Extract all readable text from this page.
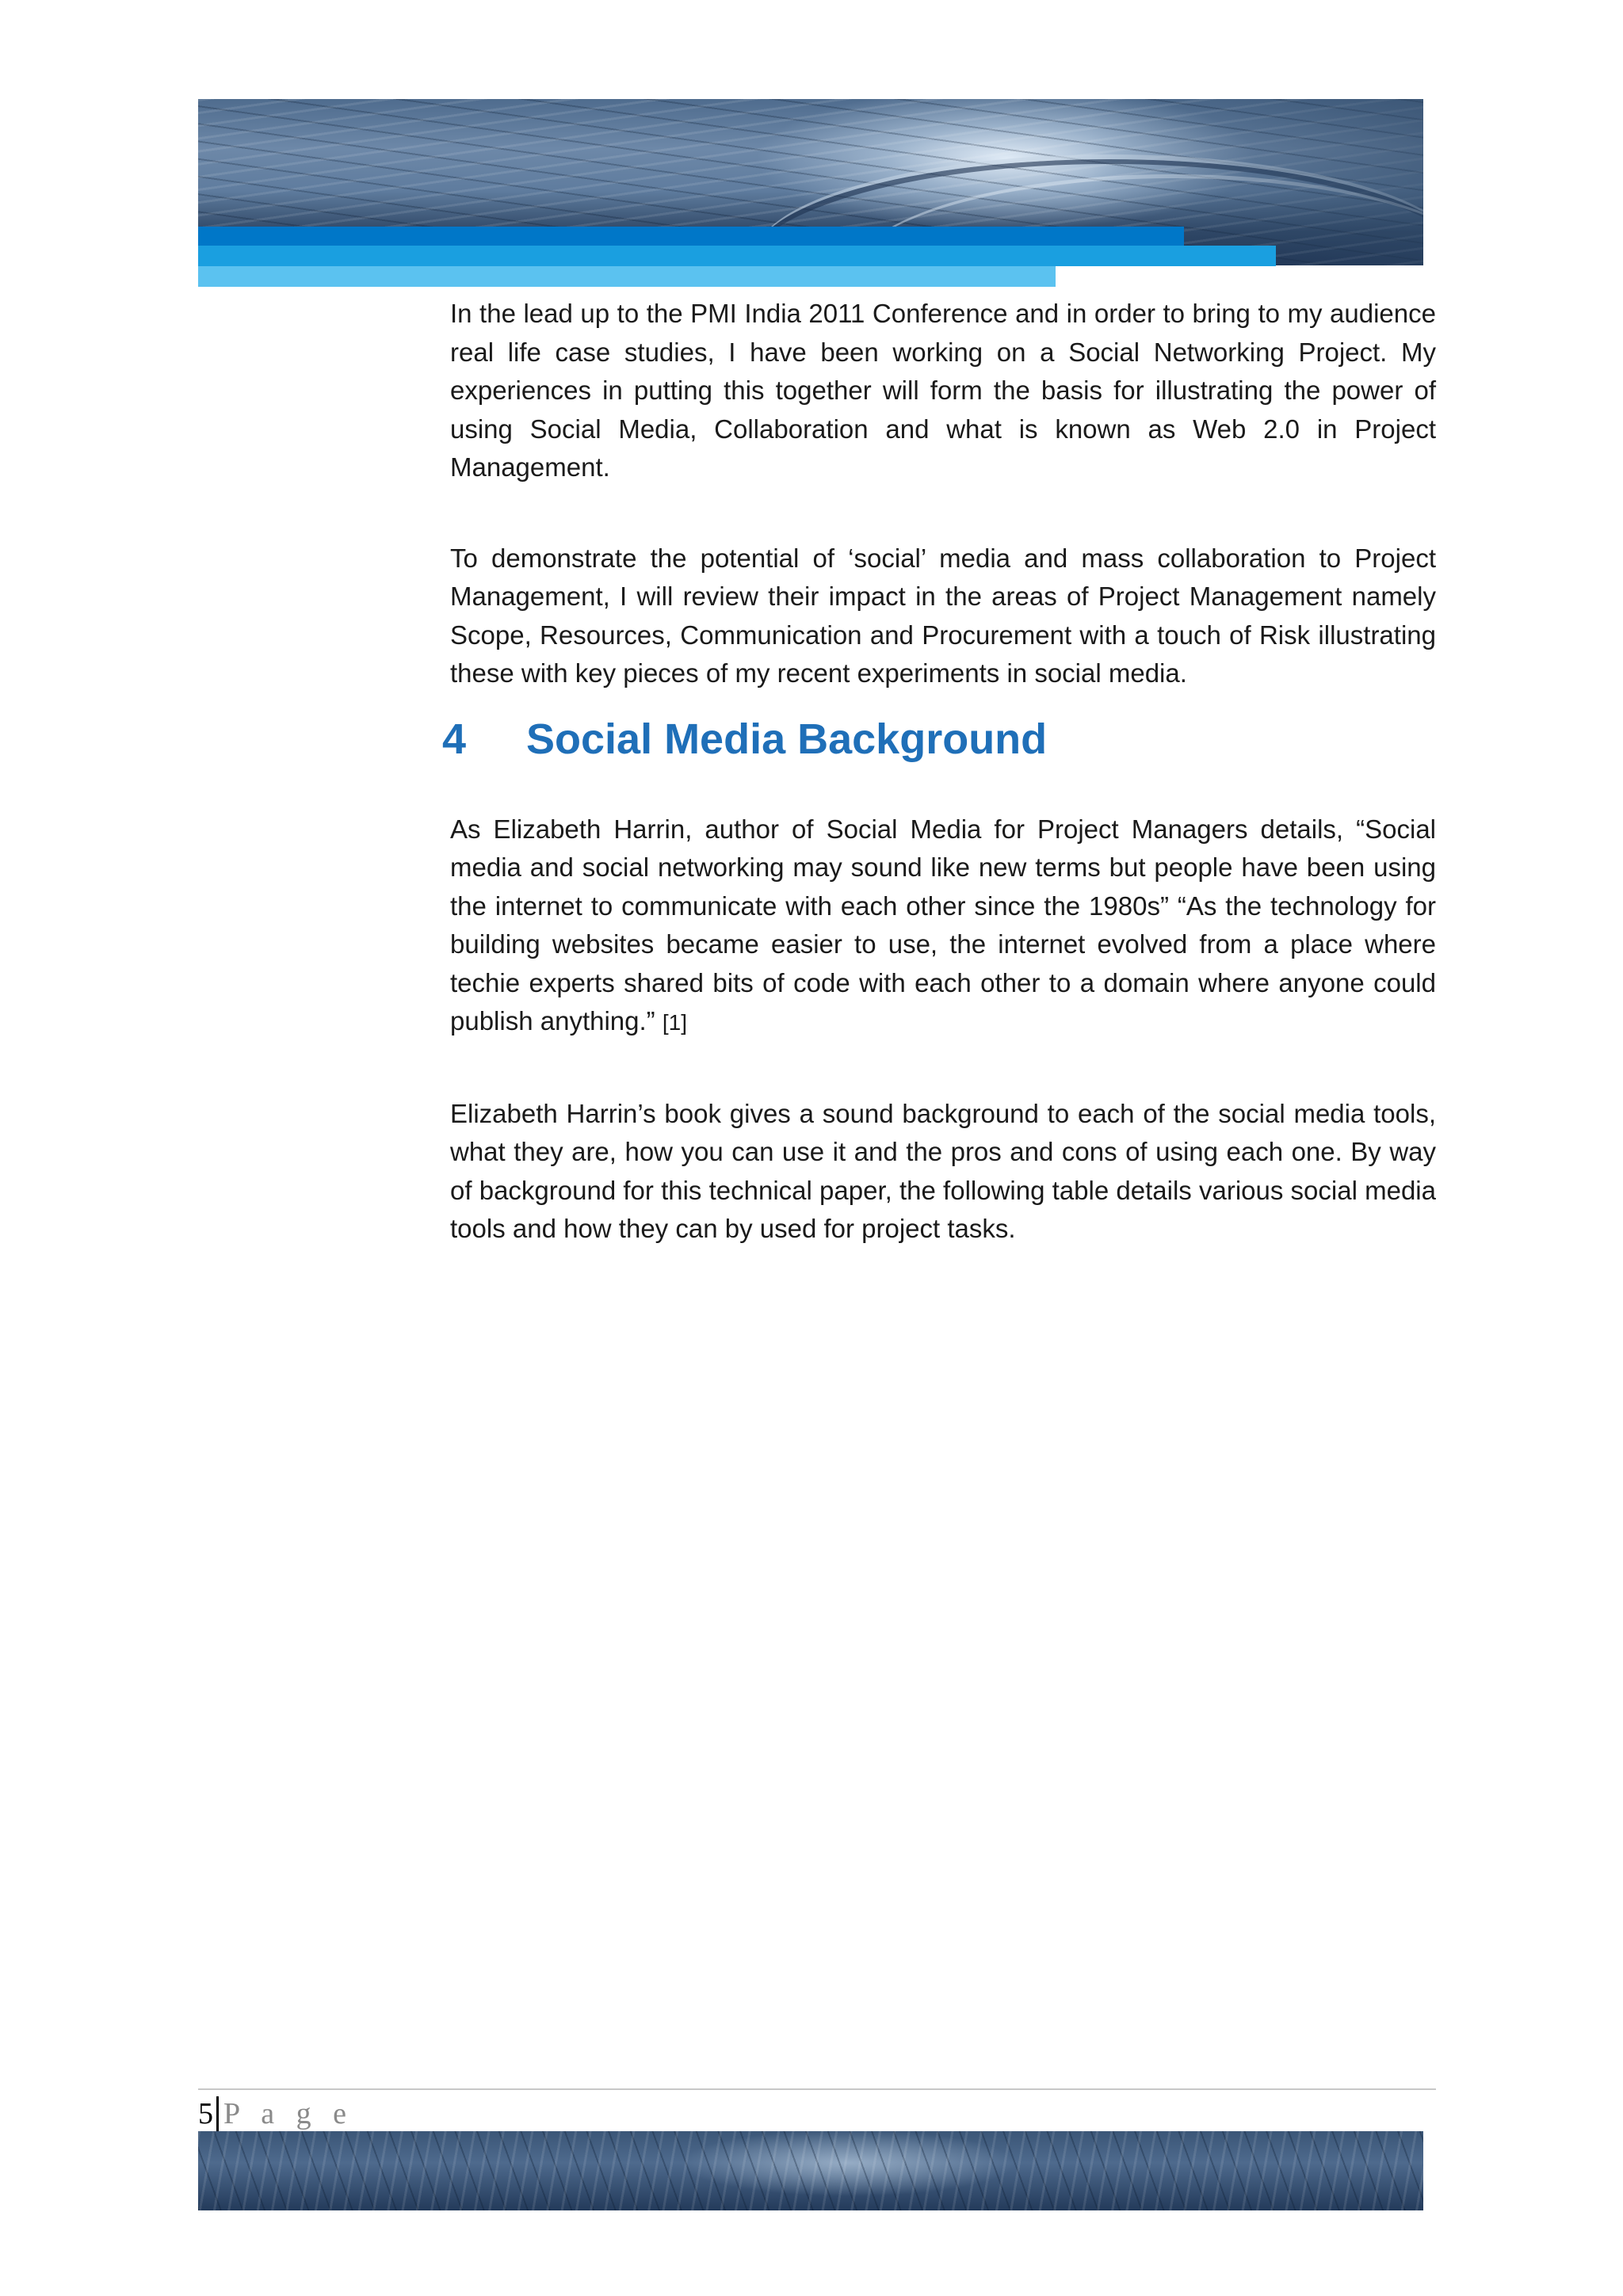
In the lead up to the PMI India 2011 Conference and in order to bring to my audience real life case studies, I have been working on a Social Networking Project. My experiences in putting this together will form the basis for illustrating the power of using Social Media, Collaboration and what is known as Web 2.0 in Project Management.

To demonstrate the potential of ‘social’ media and mass collaboration to Project Management, I will review their impact in the areas of Project Management namely Scope, Resources, Communication and Procurement with a touch of Risk illustrating these with key pieces of my recent experiments in social media.

4	Social Media Background

As Elizabeth Harrin, author of Social Media for Project Managers details, “Social media and social networking may sound like new terms but people have been using the internet to communicate with each other since the 1980s” “As the technology for building websites became easier to use, the internet evolved from a place where techie experts shared bits of code with each other to a domain where anyone could publish anything.” [1]

Elizabeth Harrin’s book gives a sound background to each of the social media tools, what they are, how you can use it and the pros and cons of using each one. By way of background for this technical paper, the following table details various social media tools and how they can by used for project tasks.

5 P a g e
